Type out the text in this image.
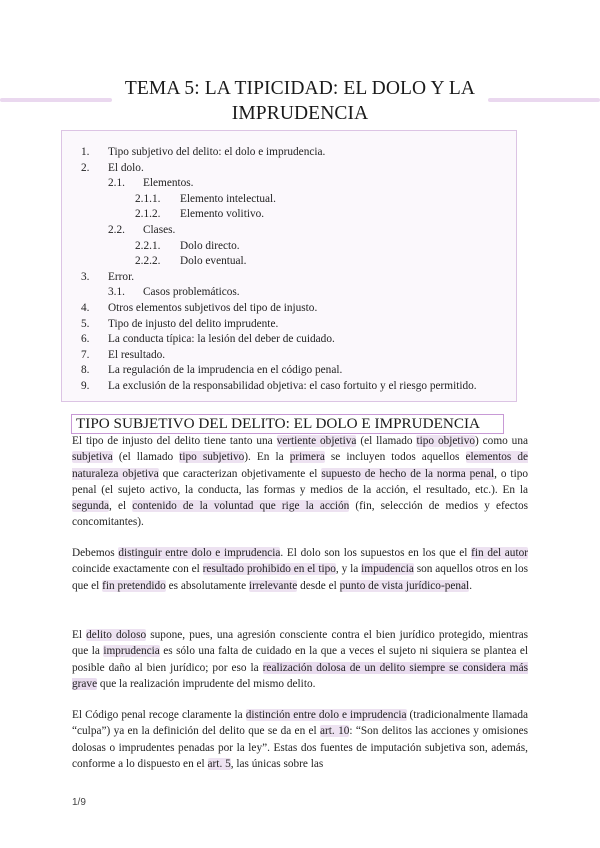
TEMA 5: LA TIPICIDAD: EL DOLO Y LA IMPRUDENCIA
1. Tipo subjetivo del delito: el dolo e imprudencia.
2. El dolo.
2.1. Elementos.
2.1.1. Elemento intelectual.
2.1.2. Elemento volitivo.
2.2. Clases.
2.2.1. Dolo directo.
2.2.2. Dolo eventual.
3. Error.
3.1. Casos problemáticos.
4. Otros elementos subjetivos del tipo de injusto.
5. Tipo de injusto del delito imprudente.
6. La conducta típica: la lesión del deber de cuidado.
7. El resultado.
8. La regulación de la imprudencia en el código penal.
9. La exclusión de la responsabilidad objetiva: el caso fortuito y el riesgo permitido.
TIPO SUBJETIVO DEL DELITO: EL DOLO E IMPRUDENCIA

El tipo de injusto del delito tiene tanto una vertiente objetiva (el llamado tipo objetivo) como una subjetiva (el llamado tipo subjetivo). En la primera se incluyen todos aquellos elementos de naturaleza objetiva que caracterizan objetivamente el supuesto de hecho de la norma penal, o tipo penal (el sujeto activo, la conducta, las formas y medios de la acción, el resultado, etc.). En la segunda, el contenido de la voluntad que rige la acción (fin, selección de medios y efectos concomitantes).

Debemos distinguir entre dolo e imprudencia. El dolo son los supuestos en los que el fin del autor coincide exactamente con el resultado prohibido en el tipo, y la impudencia son aquellos otros en los que el fin pretendido es absolutamente irrelevante desde el punto de vista jurídico-penal.

El delito doloso supone, pues, una agresión consciente contra el bien jurídico protegido, mientras que la imprudencia es sólo una falta de cuidado en la que a veces el sujeto ni siquiera se plantea el posible daño al bien jurídico; por eso la realización dolosa de un delito siempre se considera más grave que la realización imprudente del mismo delito.

El Código penal recoge claramente la distinción entre dolo e imprudencia (tradicionalmente llamada “culpa”) ya en la definición del delito que se da en el art. 10: “Son delitos las acciones y omisiones dolosas o imprudentes penadas por la ley”. Estas dos fuentes de imputación subjetiva son, además, conforme a lo dispuesto en el art. 5, las únicas sobre las

1/9
